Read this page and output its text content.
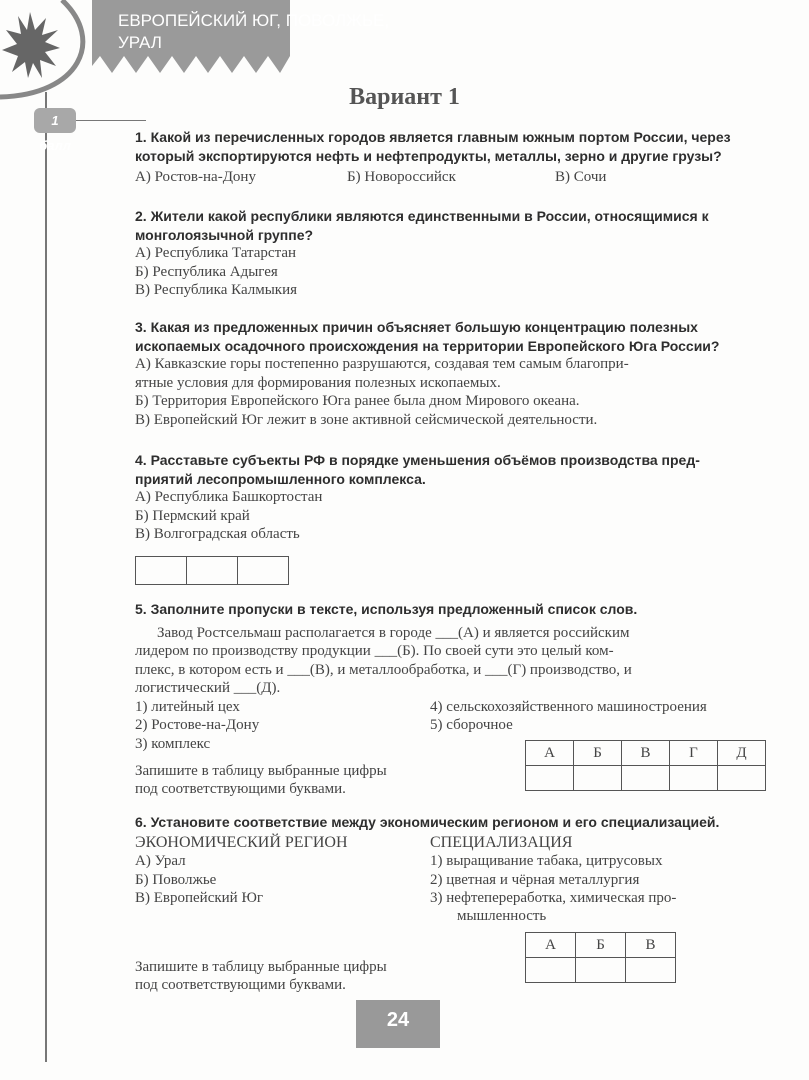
ЕВРОПЕЙСКИЙ ЮГ, ПОВОЛЖЬЕ,
УРАЛ
1 балл
Вариант 1
1. Какой из перечисленных городов является главным южным портом России, через
который экспортируются нефть и нефтепродукты, металлы, зерно и другие грузы?
А) Ростов-на-Дону	Б) Новороссийск	В) Сочи
2. Жители какой республики являются единственными в России, относящимися к
монголоязычной группе?
А) Республика Татарстан
Б) Республика Адыгея
В) Республика Калмыкия
3. Какая из предложенных причин объясняет большую концентрацию полезных
ископаемых осадочного происхождения на территории Европейского Юга России?
А) Кавказские горы постепенно разрушаются, создавая тем самым благопри-
ятные условия для формирования полезных ископаемых.
Б) Территория Европейского Юга ранее была дном Мирового океана.
В) Европейский Юг лежит в зоне активной сейсмической деятельности.
4. Расставьте субъекты РФ в порядке уменьшения объёмов производства пред-
приятий лесопромышленного комплекса.
А) Республика Башкортостан
Б) Пермский край
В) Волгоградская область

5. Заполните пропуски в тексте, используя предложенный список слов.
Завод Ростсельмаш располагается в городе ___(А) и является российским
лидером по производству продукции ___(Б). По своей сути это целый ком-
плекс, в котором есть и ___(В), и металлообработка, и ___(Г) производство, и
логистический ___(Д).
1) литейный цех
2) Ростове-на-Дону
3) комплекс
4) сельскохозяйственного машиностроения
5) сборочное
Запишите в таблицу выбранные цифры
под соответствующими буквами.
А	Б	В	Г	Д

6. Установите соответствие между экономическим регионом и его специализацией.
ЭКОНОМИЧЕСКИЙ РЕГИОН	СПЕЦИАЛИЗАЦИЯ
А) Урал
Б) Поволжье
В) Европейский Юг
1) выращивание табака, цитрусовых
2) цветная и чёрная металлургия
3) нефтепереработка, химическая про-
мышленность
Запишите в таблицу выбранные цифры
под соответствующими буквами.
А	Б	В

24
